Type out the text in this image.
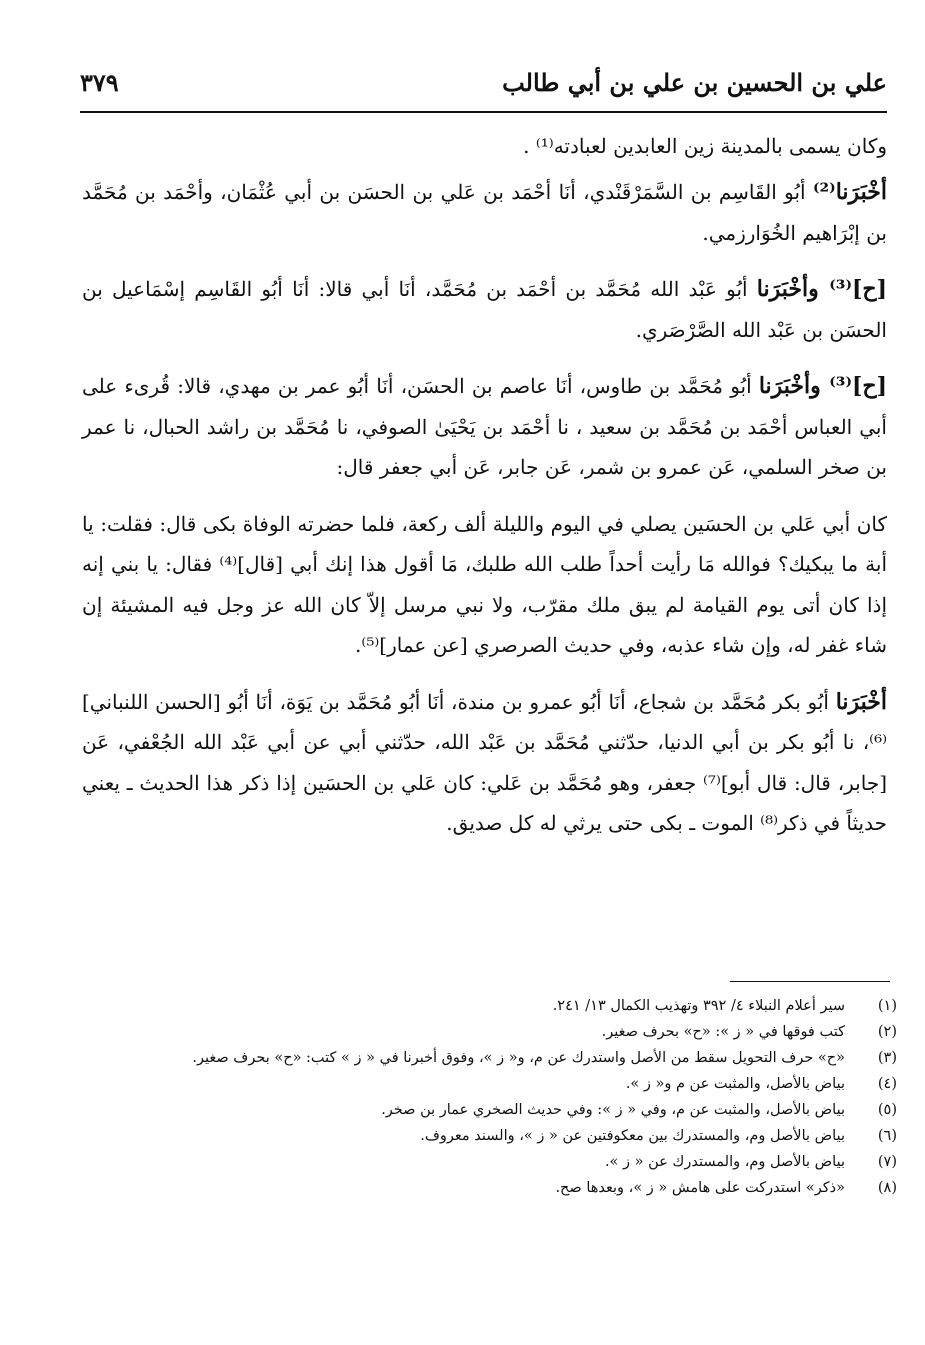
علي بن الحسين بن علي بن أبي طالب
٣٧٩

وكان يسمى بالمدينة زين العابدين لعبادته⁽¹⁾ .

أخْبَرَنا⁽²⁾ أبُو القَاسِم بن السَّمَرْقَنْدي، أنَا أحْمَد بن عَلي بن الحسَن بن أبي عُثْمَان، وأحْمَد بن مُحَمَّد بن إبْرَاهيم الخُوَارزمي.

[ح]⁽³⁾ وأخْبَرَنا أبُو عَبْد الله مُحَمَّد بن أحْمَد بن مُحَمَّد، أنَا أبي قالا: أنَا أبُو القَاسِم إسْمَاعيل بن الحسَن بن عَبْد الله الصَّرْصَري.

[ح]⁽³⁾ وأخْبَرَنا أبُو مُحَمَّد بن طاوس، أنَا عاصم بن الحسَن، أنَا أبُو عمر بن مهدي، قالا: قُرىء على أبي العباس أحْمَد بن مُحَمَّد بن سعيد ، نا أحْمَد بن يَحْيَىٰ الصوفي، نا مُحَمَّد بن راشد الحبال، نا عمر بن صخر السلمي، عَن عمرو بن شمر، عَن جابر، عَن أبي جعفر قال:

كان أبي عَلي بن الحسَين يصلي في اليوم والليلة ألف ركعة، فلما حضرته الوفاة بكى قال: فقلت: يا أبة ما يبكيك؟ فوالله مَا رأيت أحداً طلب الله طلبك، مَا أقول هذا إنك أبي [قال]⁽⁴⁾ فقال: يا بني إنه إذا كان أتى يوم القيامة لم يبق ملك مقرّب، ولا نبي مرسل إلاّ كان الله عز وجل فيه المشيئة إن شاء غفر له، وإن شاء عذبه، وفي حديث الصرصري [عن عمار]⁽⁵⁾.

أخْبَرَنا أبُو بكر مُحَمَّد بن شجاع، أنَا أبُو عمرو بن مندة، أنَا أبُو مُحَمَّد بن يَوَة، أنَا أبُو [الحسن اللنباني]⁽⁶⁾، نا أبُو بكر بن أبي الدنيا، حدّثني مُحَمَّد بن عَبْد الله، حدّثني أبي عن أبي عَبْد الله الجُعْفي، عَن [جابر، قال: قال أبو]⁽⁷⁾ جعفر، وهو مُحَمَّد بن عَلي: كان عَلي بن الحسَين إذا ذكر هذا الحديث ـ يعني حديثاً في ذكر⁽⁸⁾ الموت ـ بكى حتى يرثي له كل صديق.

(١)
سير أعلام النبلاء ٤/ ٣٩٢ وتهذيب الكمال ١٣/ ٢٤١.
(٢)
كتب فوقها في « ز »: «ح» بحرف صغير.
(٣)
«ح» حرف التحويل سقط من الأصل واستدرك عن م، و« ز »، وفوق أخبرنا في « ز » كتب: «ح» بحرف صغير.
(٤)
بياض بالأصل، والمثبت عن م و« ز ».
(٥)
بياض بالأصل، والمثبت عن م، وفي « ز »: وفي حديث الصخري عمار بن صخر.
(٦)
بياض بالأصل وم، والمستدرك بين معكوفتين عن « ز »، والسند معروف.
(٧)
بياض بالأصل وم، والمستدرك عن « ز ».
(٨)
«ذكر» استدركت على هامش « ز »، وبعدها صح.
